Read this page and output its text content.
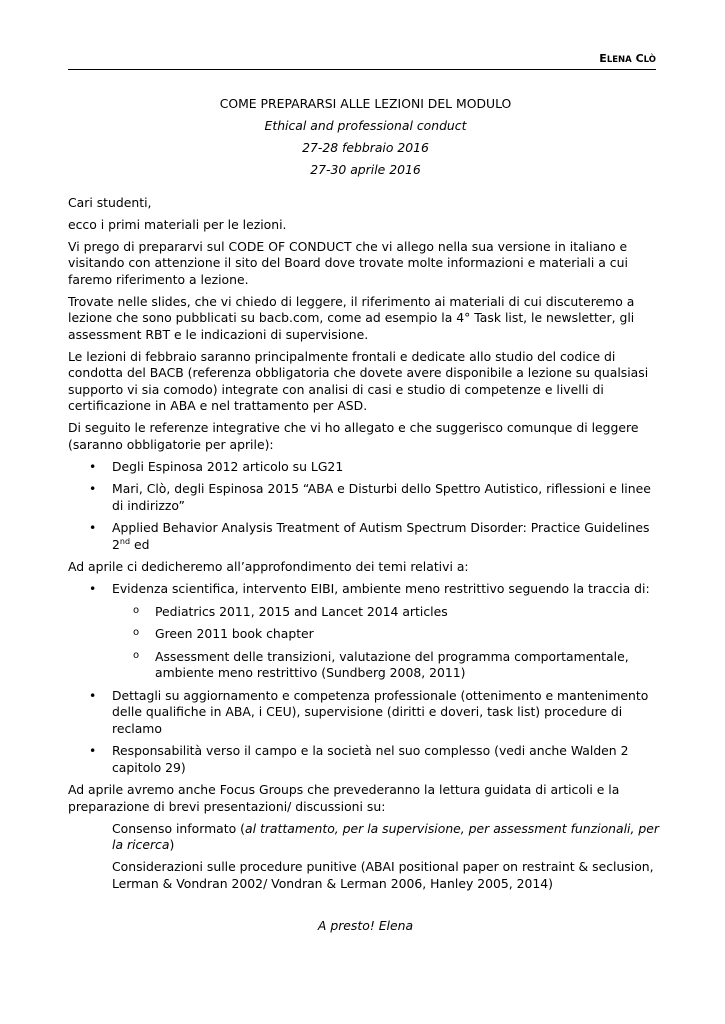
ELENA CLÒ
COME PREPARARSI ALLE LEZIONI DEL MODULO
Ethical and professional conduct
27-28 febbraio 2016
27-30 aprile 2016

Cari studenti,

ecco i primi materiali per le lezioni.

Vi prego di prepararvi sul CODE OF CONDUCT che vi allego nella sua versione in italiano e visitando con attenzione il sito del Board dove trovate molte informazioni e materiali a cui faremo riferimento a lezione.

Trovate nelle slides, che vi chiedo di leggere, il riferimento ai materiali di cui discuteremo a lezione che sono pubblicati su bacb.com, come ad esempio la 4° Task list, le newsletter, gli assessment RBT e le indicazioni di supervisione.

Le lezioni di febbraio saranno principalmente frontali e dedicate allo studio del codice di condotta del BACB (referenza obbligatoria che dovete avere disponibile a lezione su qualsiasi supporto vi sia comodo) integrate con analisi di casi e studio di competenze e livelli di certificazione in ABA e nel trattamento per ASD.

Di seguito le referenze integrative che vi ho allegato e che suggerisco comunque di leggere (saranno obbligatorie per aprile):

• Degli Espinosa 2012 articolo su LG21
• Mari, Clò, degli Espinosa 2015 “ABA e Disturbi dello Spettro Autistico, riflessioni e linee di indirizzo”
• Applied Behavior Analysis Treatment of Autism Spectrum Disorder: Practice Guidelines 2nd ed

Ad aprile ci dedicheremo all’approfondimento dei temi relativi a:

• Evidenza scientifica, intervento EIBI, ambiente meno restrittivo seguendo la traccia di:
o Pediatrics 2011, 2015 and Lancet 2014 articles
o Green 2011 book chapter
o Assessment delle transizioni, valutazione del programma comportamentale, ambiente meno restrittivo (Sundberg 2008, 2011)
• Dettagli su aggiornamento e competenza professionale (ottenimento e mantenimento delle qualifiche in ABA, i CEU), supervisione (diritti e doveri, task list) procedure di reclamo
• Responsabilità verso il campo e la società nel suo complesso (vedi anche Walden 2 capitolo 29)

Ad aprile avremo anche Focus Groups che prevederanno la lettura guidata di articoli e la preparazione di brevi presentazioni/ discussioni su:

Consenso informato (al trattamento, per la supervisione, per assessment funzionali, per la ricerca)

Considerazioni sulle procedure punitive (ABAI positional paper on restraint & seclusion, Lerman & Vondran 2002/ Vondran & Lerman 2006, Hanley 2005, 2014)

A presto! Elena
